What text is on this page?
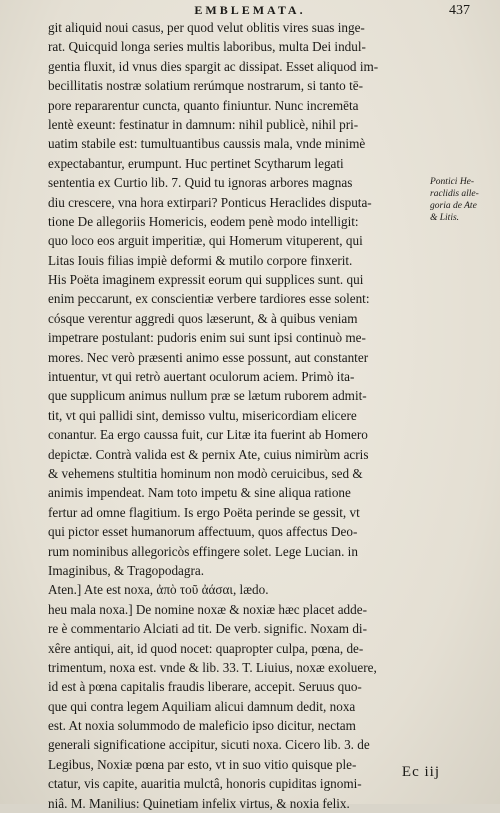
EMBLEMATA.	437
git aliquid noui casus, per quod velut oblitis vires suas inge-
rat. Quicquid longa series multis laboribus, multa Dei indul-
gentia fluxit, id vnus dies spargit ac dissipat. Esset aliquod im-
becillitatis nostræ solatium rerúmque nostrarum, si tanto tē-
pore repararentur cuncta, quanto finiuntur. Nunc incremēta
lentè exeunt: festinatur in damnum: nihil publicè, nihil pri-
uatim stabile est: tumultuantibus caussis mala, vnde minimè
expectabantur, erumpunt. Huc pertinet Scytharum legati
sententia ex Curtio lib. 7. Quid tu ignoras arbores magnas
diu crescere, vna hora extirpari? Ponticus Heraclides disputa-
tione De allegoriis Homericis, eodem penè modo intelligit:
quo loco eos arguit imperitiæ, qui Homerum vituperent, qui
Litas Iouis filias impiè deformi & mutilo corpore finxerit.
His Poëta imaginem expressit eorum qui supplices sunt. qui
enim peccarunt, ex conscientiæ verbere tardiores esse solent:
cósque verentur aggredi quos læserunt, & à quibus veniam
impetrare postulant: pudoris enim sui sunt ipsi continuò me-
mores. Nec verò præsenti animo esse possunt, aut constanter
intuentur, vt qui retrò auertant oculorum aciem. Primò ita-
que supplicum animus nullum præ se lætum ruborem admit-
tit, vt qui pallidi sint, demisso vultu, misericordiam elicere
conantur. Ea ergo caussa fuit, cur Litæ ita fuerint ab Homero
depictæ. Contrà valida est & pernix Ate, cuius nimirùm acris
& vehemens stultitia hominum non modò ceruicibus, sed &
animis impendeat. Nam toto impetu & sine aliqua ratione
fertur ad omne flagitium. Is ergo Poëta perinde se gessit, vt
qui pictor esset humanorum affectuum, quos affectus Deo-
rum nominibus allegoricòs effingere solet. Lege Lucian. in
Imaginibus, & Tragopodagra.
Aten.] Ate est noxa, ἀπὸ τοῦ ἀάσαι, lædo.
heu mala noxa.] De nomine noxæ & noxiæ hæc placet adde-
re è commentario Alciati ad tit. De verb. signific. Noxam di-
xêre antiqui, ait, id quod nocet: quapropter culpa, pœna, de-
trimentum, noxa est. vnde & lib. 33. T. Liuius, noxæ exoluere,
id est à pœna capitalis fraudis liberare, accepit. Seruus quo-
que qui contra legem Aquiliam alicui damnum dedit, noxa
est. At noxia solummodo de maleficio ipso dicitur, nectam
generali significatione accipitur, sicuti noxa. Cicero lib. 3. de
Legibus, Noxiæ pœna par esto, vt in suo vitio quisque ple-
ctatur, vis capite, auaritia mulctâ, honoris cupiditas ignomi-
niâ. M. Manilius: Quinetiam infelix virtus, & noxia felix.
Pontici He-
raclidis alle-
goria de Ate
& Litis.
Ec iij
